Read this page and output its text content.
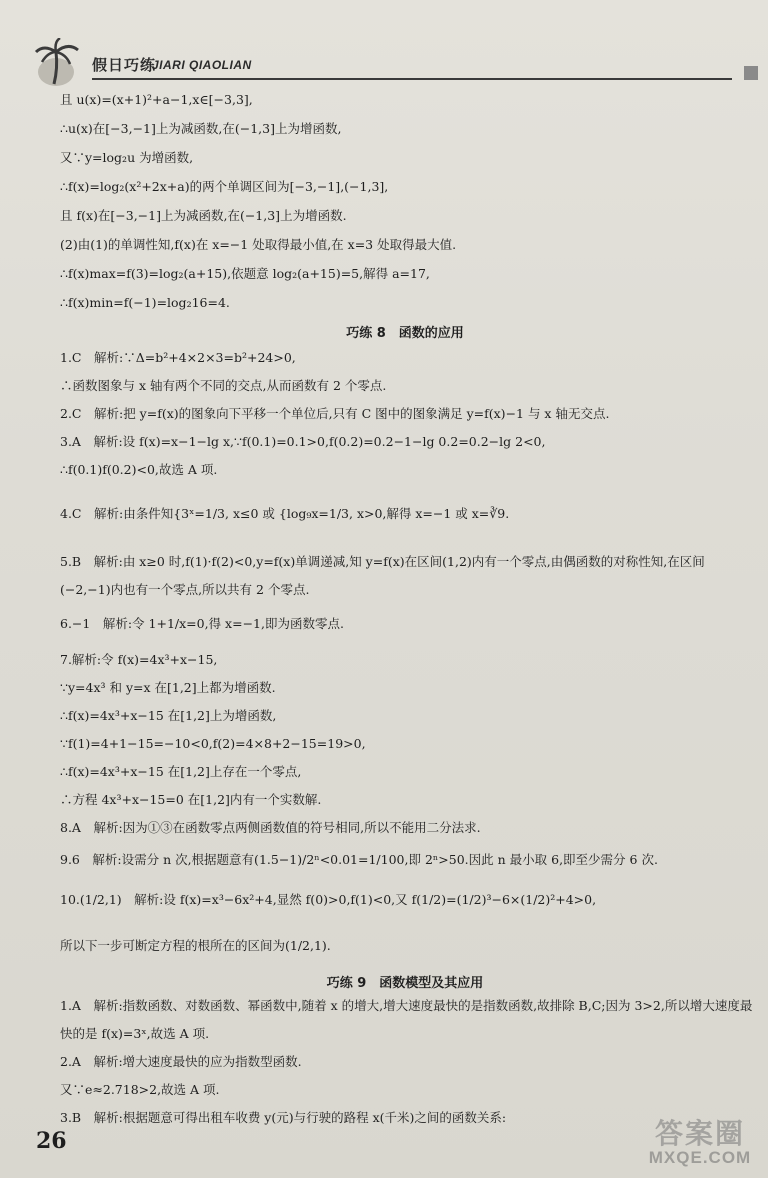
假日巧练
JIARI QIAOLIAN
且 u(x)=(x+1)²+a−1,x∈[−3,3],
∴u(x)在[−3,−1]上为减函数,在(−1,3]上为增函数,
又∵y=log₂u 为增函数,
∴f(x)=log₂(x²+2x+a)的两个单调区间为[−3,−1],(−1,3],
且 f(x)在[−3,−1]上为减函数,在(−1,3]上为增函数.
(2)由(1)的单调性知,f(x)在 x=−1 处取得最小值,在 x=3 处取得最大值.
∴f(x)max=f(3)=log₂(a+15),依题意 log₂(a+15)=5,解得 a=17,
∴f(x)min=f(−1)=log₂16=4.
巧练 8　函数的应用
1.C　解析:∵Δ=b²+4×2×3=b²+24>0,
∴函数图象与 x 轴有两个不同的交点,从而函数有 2 个零点.
2.C　解析:把 y=f(x)的图象向下平移一个单位后,只有 C 图中的图象满足 y=f(x)−1 与 x 轴无交点.
3.A　解析:设 f(x)=x−1−lg x,∵f(0.1)=0.1>0,f(0.2)=0.2−1−lg 0.2=0.2−lg 2<0,
∴f(0.1)f(0.2)<0,故选 A 项.
4.C　解析:由条件知{3ˣ=1/3, x≤0 或 {log₉x=1/3, x>0,解得 x=−1 或 x=∛9.
5.B　解析:由 x≥0 时,f(1)·f(2)<0,y=f(x)单调递减,知 y=f(x)在区间(1,2)内有一个零点,由偶函数的对称性知,在区间
(−2,−1)内也有一个零点,所以共有 2 个零点.
6.−1　解析:令 1+1/x=0,得 x=−1,即为函数零点.
7.解析:令 f(x)=4x³+x−15,
∵y=4x³ 和 y=x 在[1,2]上都为增函数.
∴f(x)=4x³+x−15 在[1,2]上为增函数,
∵f(1)=4+1−15=−10<0,f(2)=4×8+2−15=19>0,
∴f(x)=4x³+x−15 在[1,2]上存在一个零点,
∴方程 4x³+x−15=0 在[1,2]内有一个实数解.
8.A　解析:因为①③在函数零点两侧函数值的符号相同,所以不能用二分法求.
9.6　解析:设需分 n 次,根据题意有(1.5−1)/2ⁿ<0.01=1/100,即 2ⁿ>50.因此 n 最小取 6,即至少需分 6 次.
10.(1/2,1)　解析:设 f(x)=x³−6x²+4,显然 f(0)>0,f(1)<0,又 f(1/2)=(1/2)³−6×(1/2)²+4>0,
所以下一步可断定方程的根所在的区间为(1/2,1).
巧练 9　函数模型及其应用
1.A　解析:指数函数、对数函数、幂函数中,随着 x 的增大,增大速度最快的是指数函数,故排除 B,C;因为 3>2,所以增大速度最
快的是 f(x)=3ˣ,故选 A 项.
2.A　解析:增大速度最快的应为指数型函数.
又∵e≈2.718>2,故选 A 项.
3.B　解析:根据题意可得出租车收费 y(元)与行驶的路程 x(千米)之间的函数关系:
26	答案圈
MXQE.COM
